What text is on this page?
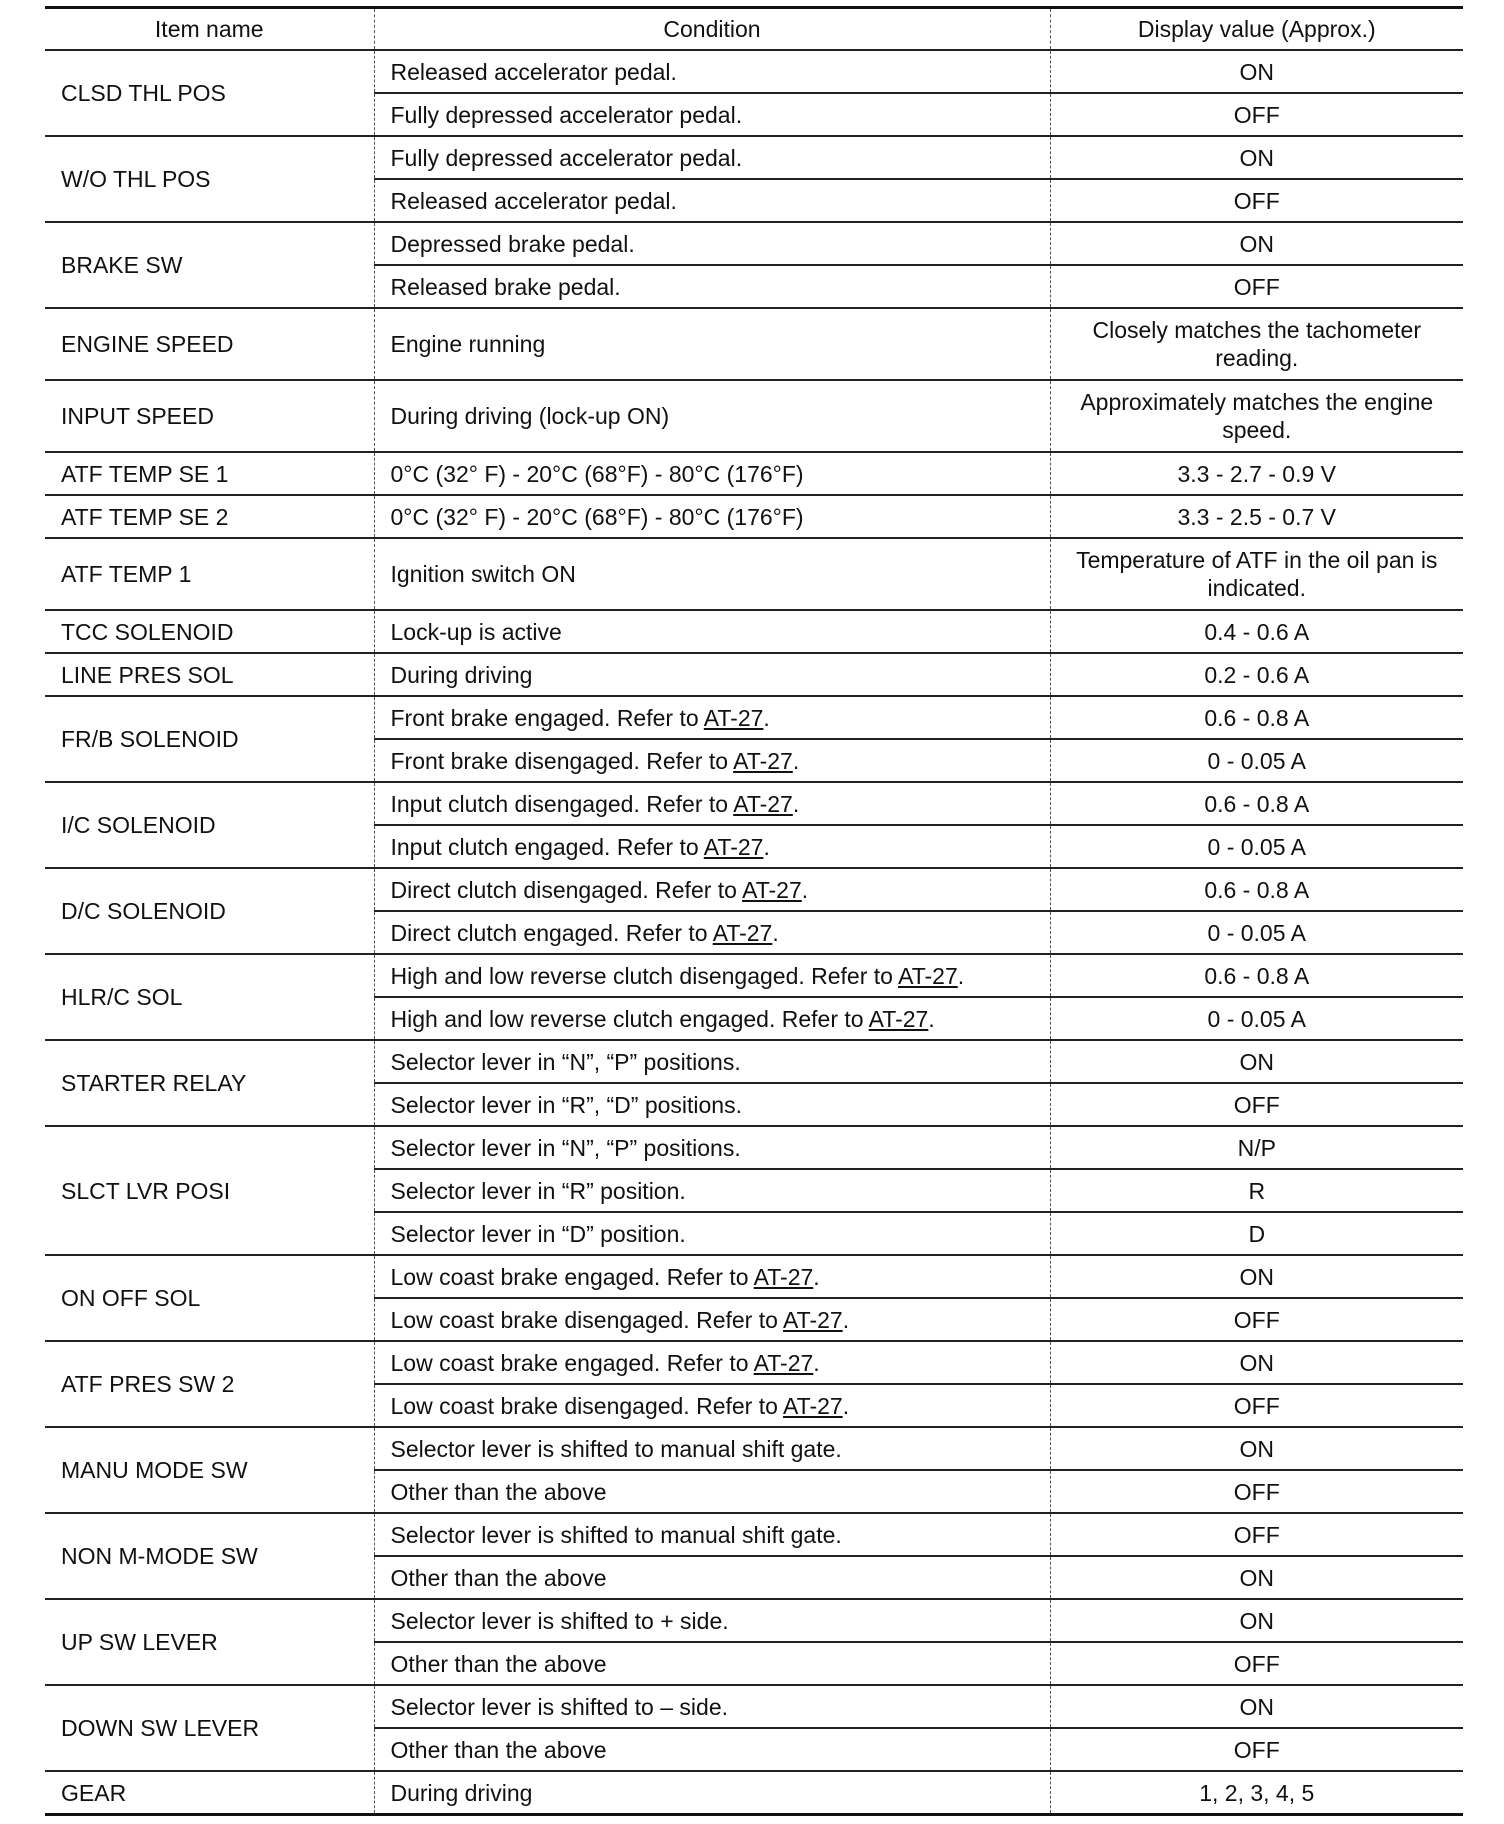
Item name	Condition	Display value (Approx.)
CLSD THL POS	Released accelerator pedal.	ON
	Fully depressed accelerator pedal.	OFF
W/O THL POS	Fully depressed accelerator pedal.	ON
	Released accelerator pedal.	OFF
BRAKE SW	Depressed brake pedal.	ON
	Released brake pedal.	OFF
ENGINE SPEED	Engine running	Closely matches the tachometer reading.
INPUT SPEED	During driving (lock-up ON)	Approximately matches the engine speed.
ATF TEMP SE 1	0°C (32° F) - 20°C (68°F) - 80°C (176°F)	3.3 - 2.7 - 0.9 V
ATF TEMP SE 2	0°C (32° F) - 20°C (68°F) - 80°C (176°F)	3.3 - 2.5 - 0.7 V
ATF TEMP 1	Ignition switch ON	Temperature of ATF in the oil pan is indicated.
TCC SOLENOID	Lock-up is active	0.4 - 0.6 A
LINE PRES SOL	During driving	0.2 - 0.6 A
FR/B SOLENOID	Front brake engaged. Refer to AT-27.	0.6 - 0.8 A
	Front brake disengaged. Refer to AT-27.	0 - 0.05 A
I/C SOLENOID	Input clutch disengaged. Refer to AT-27.	0.6 - 0.8 A
	Input clutch engaged. Refer to AT-27.	0 - 0.05 A
D/C SOLENOID	Direct clutch disengaged. Refer to AT-27.	0.6 - 0.8 A
	Direct clutch engaged. Refer to AT-27.	0 - 0.05 A
HLR/C SOL	High and low reverse clutch disengaged. Refer to AT-27.	0.6 - 0.8 A
	High and low reverse clutch engaged. Refer to AT-27.	0 - 0.05 A
STARTER RELAY	Selector lever in “N”, “P” positions.	ON
	Selector lever in “R”, “D” positions.	OFF
SLCT LVR POSI	Selector lever in “N”, “P” positions.	N/P
	Selector lever in “R” position.	R
	Selector lever in “D” position.	D
ON OFF SOL	Low coast brake engaged. Refer to AT-27.	ON
	Low coast brake disengaged. Refer to AT-27.	OFF
ATF PRES SW 2	Low coast brake engaged. Refer to AT-27.	ON
	Low coast brake disengaged. Refer to AT-27.	OFF
MANU MODE SW	Selector lever is shifted to manual shift gate.	ON
	Other than the above	OFF
NON M-MODE SW	Selector lever is shifted to manual shift gate.	OFF
	Other than the above	ON
UP SW LEVER	Selector lever is shifted to + side.	ON
	Other than the above	OFF
DOWN SW LEVER	Selector lever is shifted to – side.	ON
	Other than the above	OFF
GEAR	During driving	1, 2, 3, 4, 5
